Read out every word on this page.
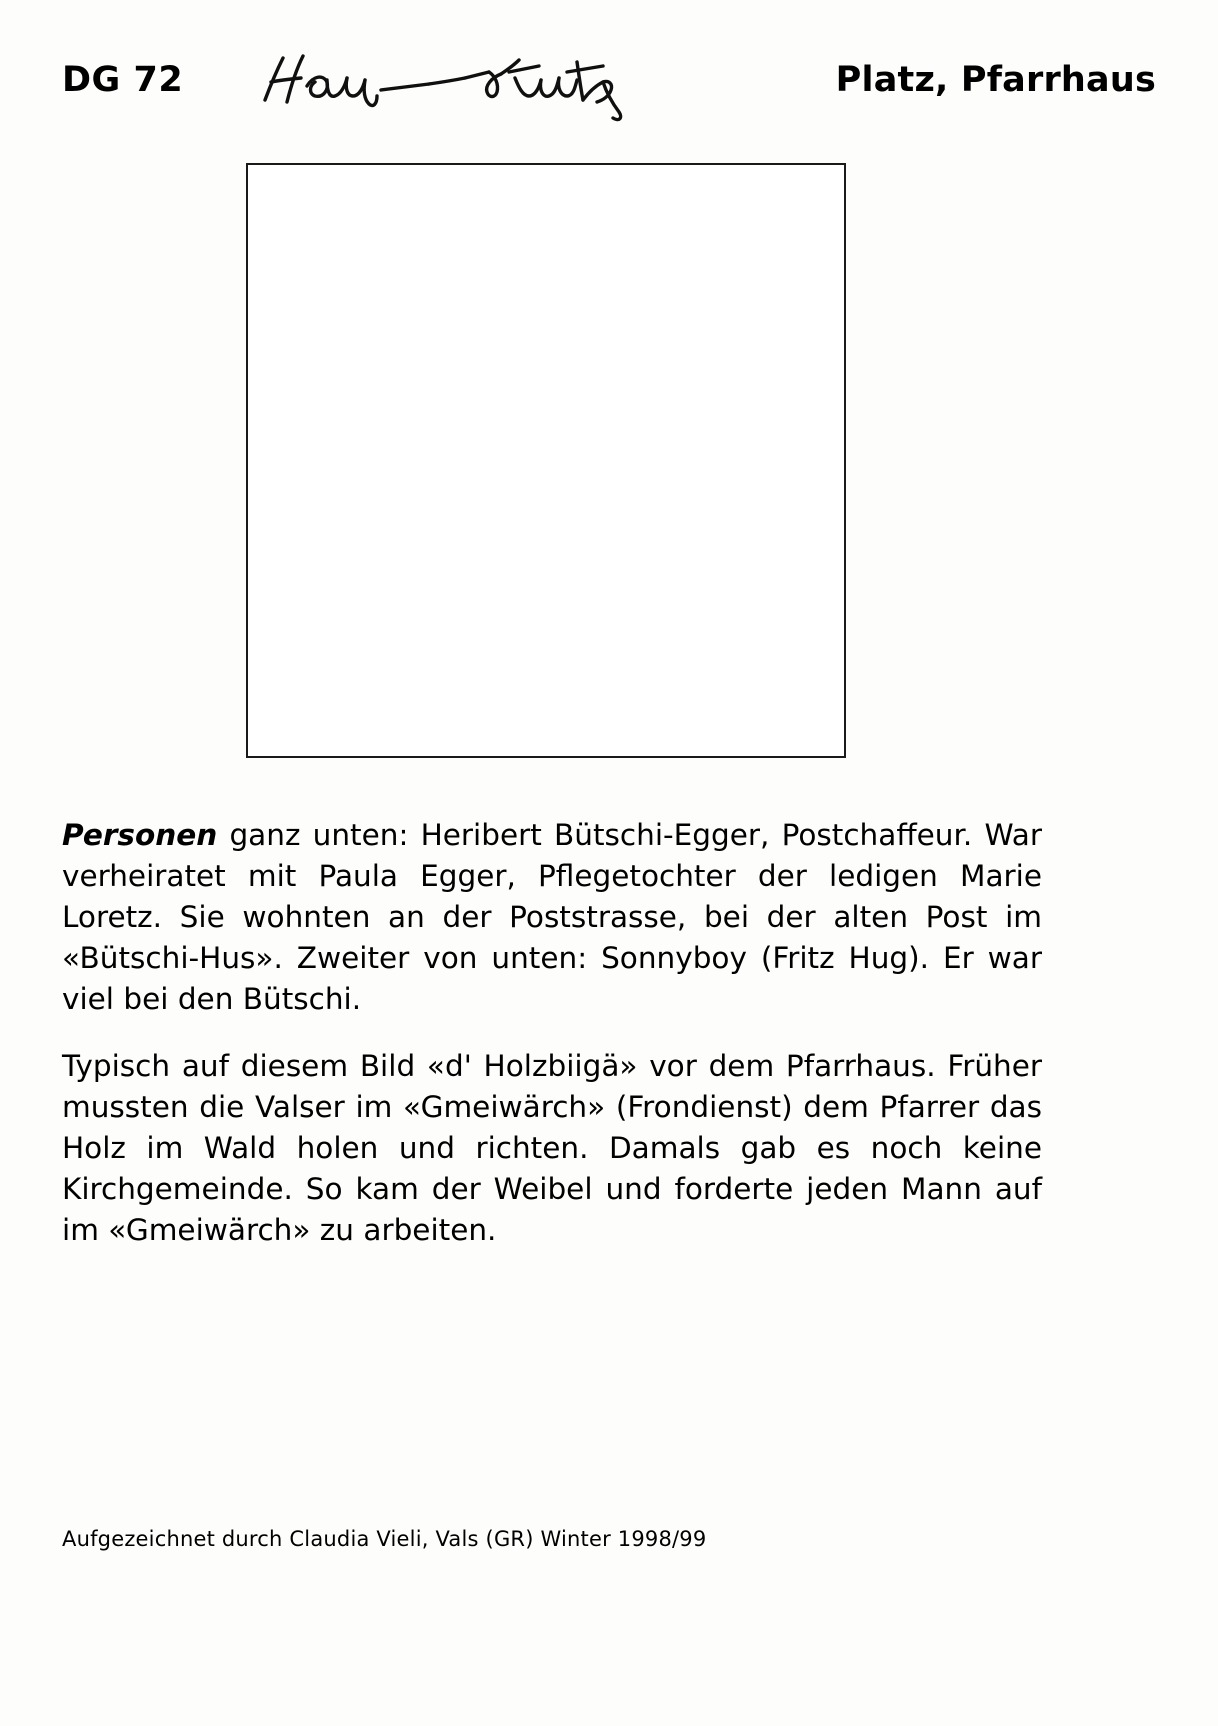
DG 72	Platz, Pfarrhaus

Personen ganz unten: Heribert Bütschi-Egger, Postchaffeur. War verheiratet mit Paula Egger, Pflegetochter der ledigen Marie Loretz. Sie wohnten an der Poststrasse, bei der alten Post im «Bütschi-Hus». Zweiter von unten: Sonnyboy (Fritz Hug). Er war viel bei den Bütschi.

Typisch auf diesem Bild «d' Holzbiigä» vor dem Pfarrhaus. Früher mussten die Valser im «Gmeiwärch» (Frondienst) dem Pfarrer das Holz im Wald holen und richten. Damals gab es noch keine Kirchgemeinde. So kam der Weibel und forderte jeden Mann auf im «Gmeiwärch» zu arbeiten.

Aufgezeichnet durch Claudia Vieli, Vals (GR) Winter 1998/99
